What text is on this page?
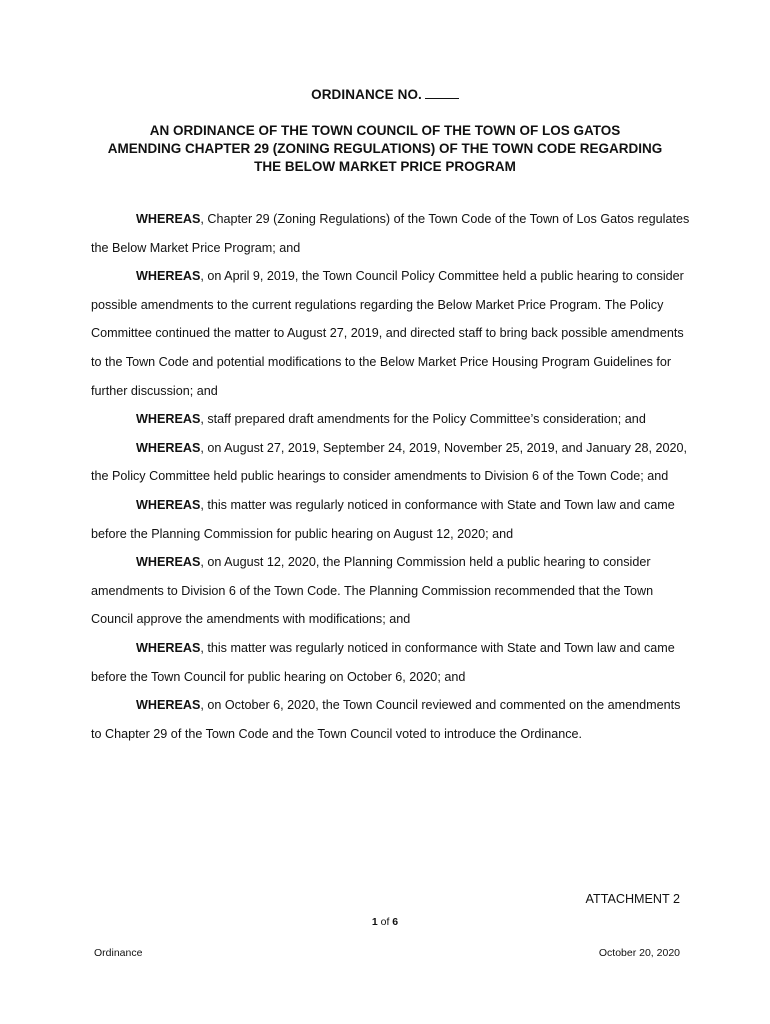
ORDINANCE NO.
AN ORDINANCE OF THE TOWN COUNCIL OF THE TOWN OF LOS GATOS
AMENDING CHAPTER 29 (ZONING REGULATIONS) OF THE TOWN CODE REGARDING
THE BELOW MARKET PRICE PROGRAM

WHEREAS, Chapter 29 (Zoning Regulations) of the Town Code of the Town of Los Gatos regulates the Below Market Price Program; and

WHEREAS, on April 9, 2019, the Town Council Policy Committee held a public hearing to consider possible amendments to the current regulations regarding the Below Market Price Program. The Policy Committee continued the matter to August 27, 2019, and directed staff to bring back possible amendments to the Town Code and potential modifications to the Below Market Price Housing Program Guidelines for further discussion; and

WHEREAS, staff prepared draft amendments for the Policy Committee’s consideration; and

WHEREAS, on August 27, 2019, September 24, 2019, November 25, 2019, and January 28, 2020, the Policy Committee held public hearings to consider amendments to Division 6 of the Town Code; and

WHEREAS, this matter was regularly noticed in conformance with State and Town law and came before the Planning Commission for public hearing on August 12, 2020; and

WHEREAS, on August 12, 2020, the Planning Commission held a public hearing to consider amendments to Division 6 of the Town Code. The Planning Commission recommended that the Town Council approve the amendments with modifications; and

WHEREAS, this matter was regularly noticed in conformance with State and Town law and came before the Town Council for public hearing on October 6, 2020; and

WHEREAS, on October 6, 2020, the Town Council reviewed and commented on the amendments to Chapter 29 of the Town Code and the Town Council voted to introduce the Ordinance.

ATTACHMENT 2
1 of 6
Ordinance	October 20, 2020
